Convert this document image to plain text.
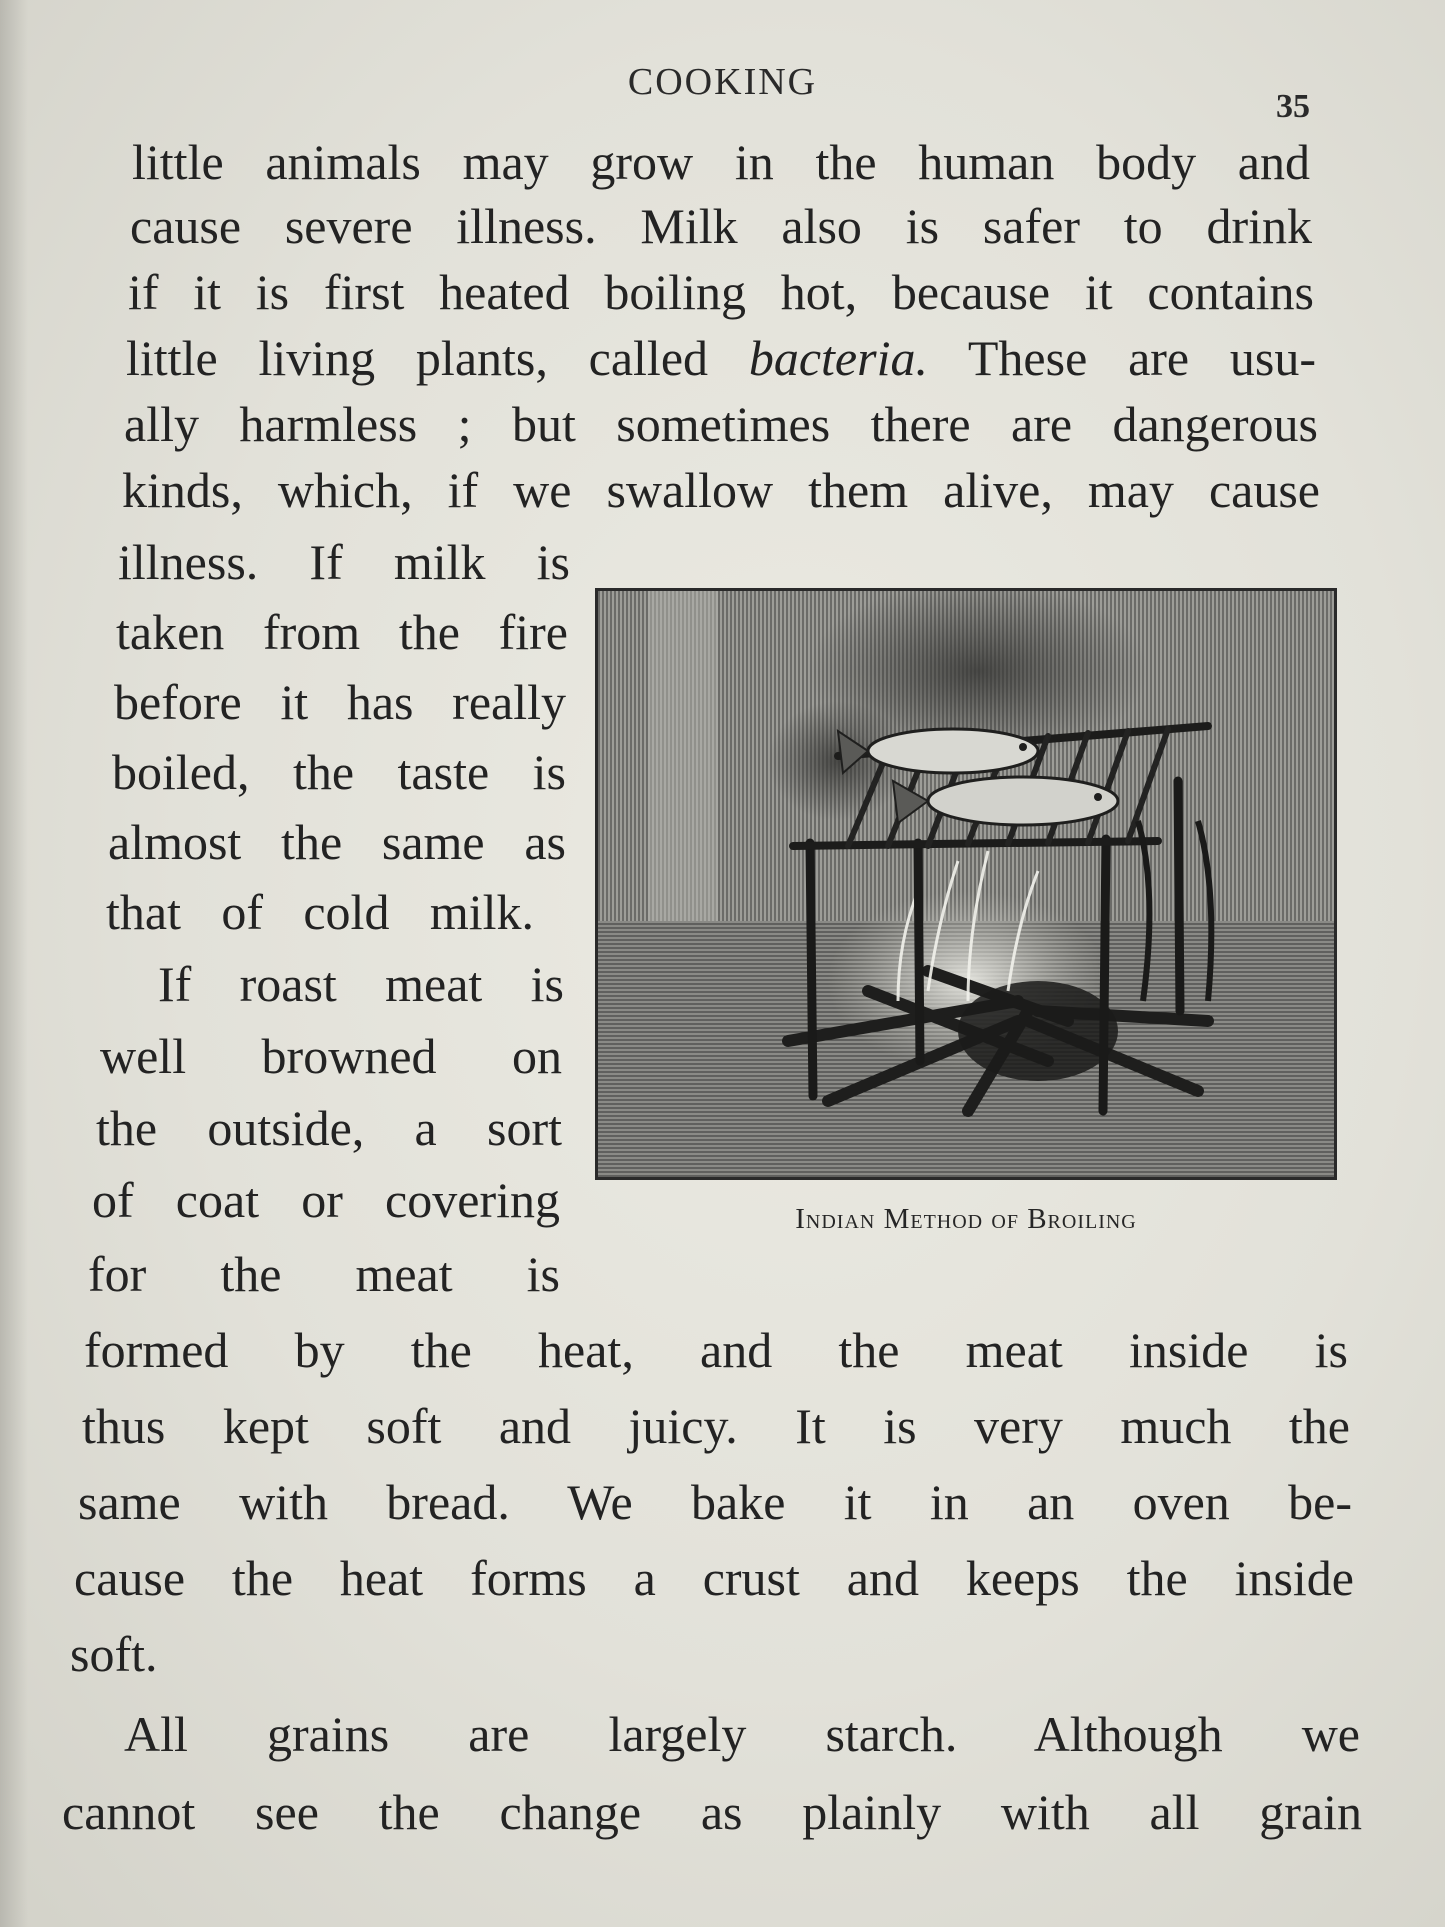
COOKING
35
little animals may grow in the human body and
cause severe illness. Milk also is safer to drink
if it is first heated boiling hot, because it contains
little living plants, called bacteria. These are usu-
ally harmless ; but sometimes there are dangerous
kinds, which, if we swallow them alive, may cause
illness. If milk is
taken from the fire
before it has really
boiled, the taste is
almost the same as
that of cold milk.
If roast meat is
well browned on
the outside, a sort
of coat or covering
for the meat is
formed by the heat, and the meat inside is
thus kept soft and juicy. It is very much the
same with bread. We bake it in an oven be-
cause the heat forms a crust and keeps the inside
soft.
All grains are largely starch. Although we
cannot see the change as plainly with all grain
Indian Method of Broiling
